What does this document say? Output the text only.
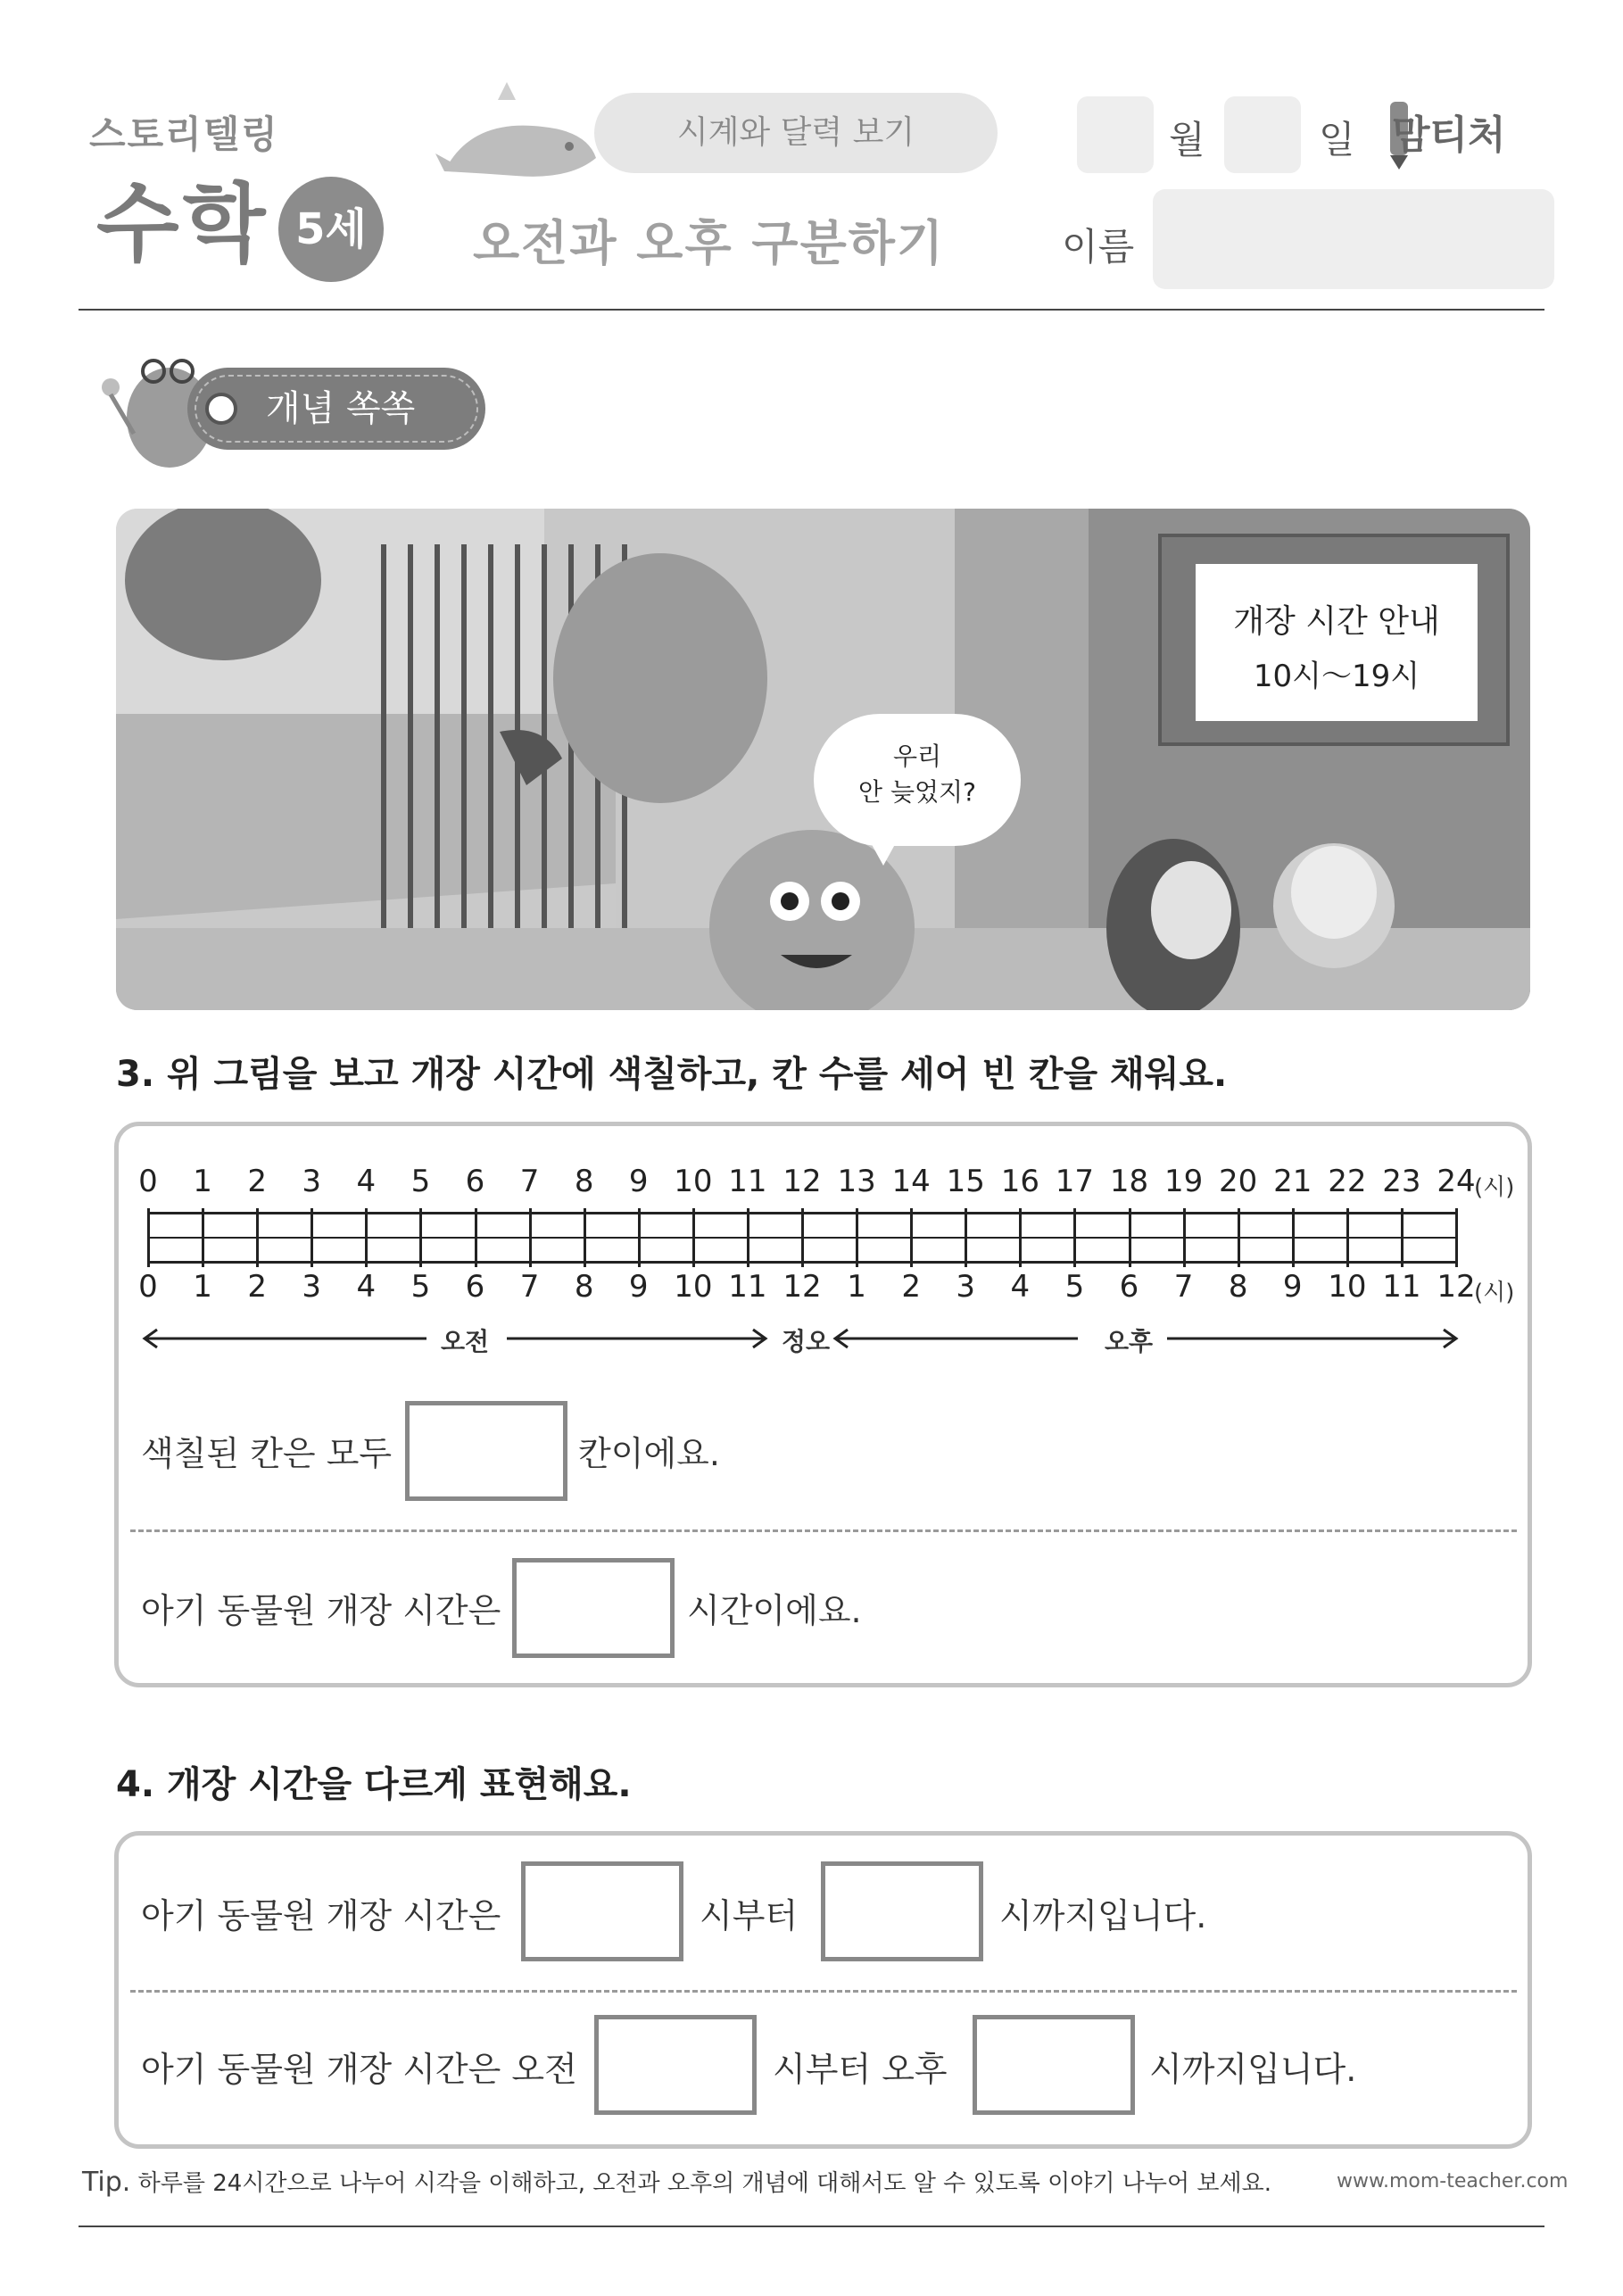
스토리텔링
수학 5세
시계와 달력 보기
오전과 오후 구분하기
월	일 맘티처
이름
개념 쏙쏙
개장 시간 안내
10시～19시
우리
안 늦었지?
3. 위 그림을 보고 개장 시간에 색칠하고, 칸 수를 세어 빈 칸을 채워요.
0	1	2	3	4	5	6	7	8	9 10 11 12 13 14 15 16 17 18 19 20 21 22 23 24
0	1	2	3	4	5	6	7	8	9 10 11 12 1	2	3	4	5	6	7	8	9 10 11 12
(시)
(시)
오전	정오	오후
색칠된 칸은 모두	칸이에요.
아기 동물원 개장 시간은	시간이에요.
4. 개장 시간을 다르게 표현해요.
아기 동물원 개장 시간은	시부터	시까지입니다.
아기 동물원 개장 시간은 오전	시부터 오후	시까지입니다.
Tip. 하루를 24시간으로 나누어 시각을 이해하고, 오전과 오후의 개념에 대해서도 알 수 있도록 이야기 나누어 보세요.	www.mom-teacher.com
